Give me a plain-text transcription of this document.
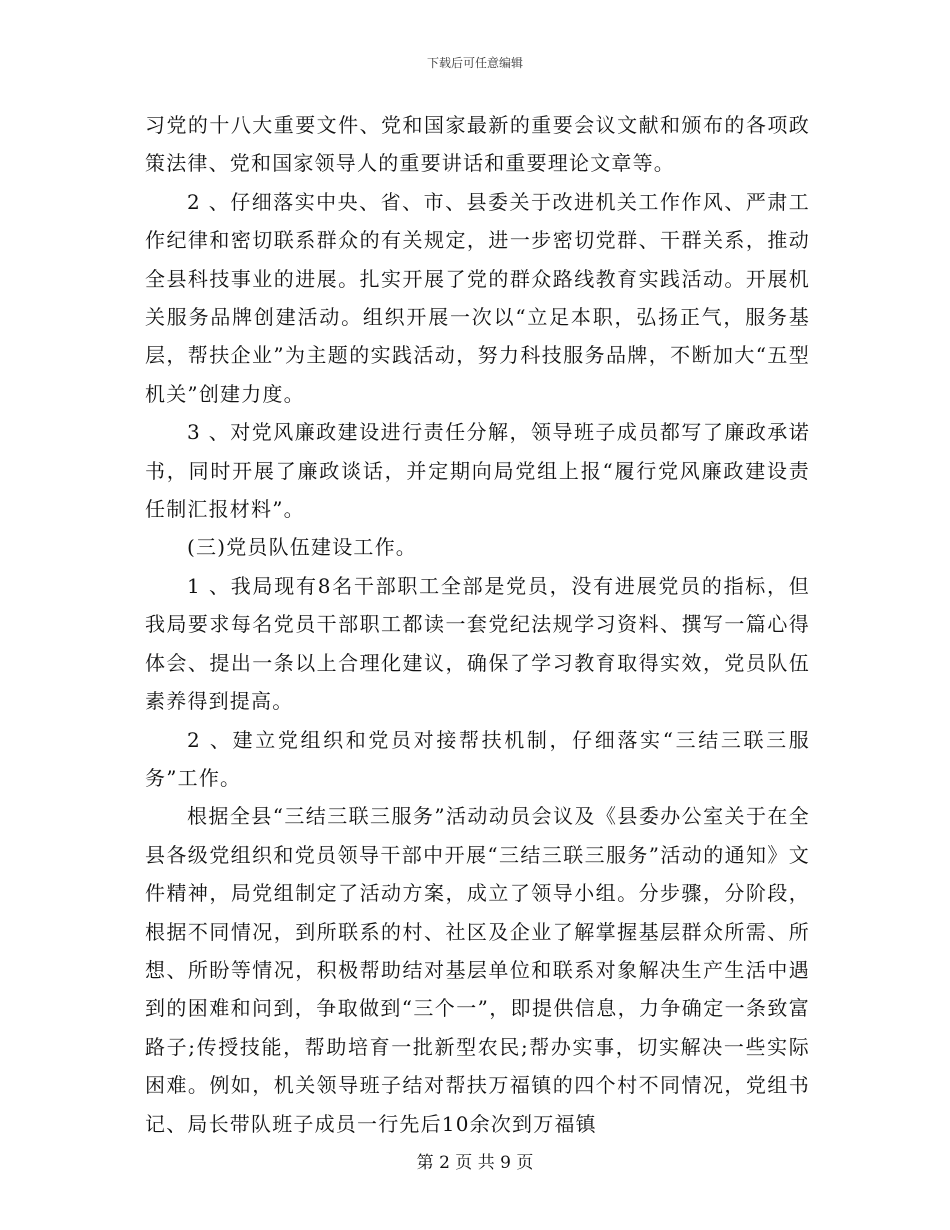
下载后可任意编辑

习党的十八大重要文件、党和国家最新的重要会议文献和颁布的各项政策法律、党和国家领导人的重要讲话和重要理论文章等。

2 、仔细落实中央、省、市、县委关于改进机关工作作风、严肃工作纪律和密切联系群众的有关规定，进一步密切党群、干群关系，推动全县科技事业的进展。扎实开展了党的群众路线教育实践活动。开展机关服务品牌创建活动。组织开展一次以“立足本职，弘扬正气，服务基层，帮扶企业”为主题的实践活动，努力科技服务品牌，不断加大“五型机关”创建力度。

3 、对党风廉政建设进行责任分解，领导班子成员都写了廉政承诺书，同时开展了廉政谈话，并定期向局党组上报“履行党风廉政建设责任制汇报材料”。

(三)党员队伍建设工作。

1 、我局现有8名干部职工全部是党员，没有进展党员的指标，但我局要求每名党员干部职工都读一套党纪法规学习资料、撰写一篇心得体会、提出一条以上合理化建议，确保了学习教育取得实效，党员队伍素养得到提高。

2 、建立党组织和党员对接帮扶机制，仔细落实“三结三联三服务”工作。

根据全县“三结三联三服务”活动动员会议及《县委办公室关于在全县各级党组织和党员领导干部中开展“三结三联三服务”活动的通知》文件精神，局党组制定了活动方案，成立了领导小组。分步骤，分阶段，根据不同情况，到所联系的村、社区及企业了解掌握基层群众所需、所想、所盼等情况，积极帮助结对基层单位和联系对象解决生产生活中遇到的困难和问到，争取做到“三个一”，即提供信息，力争确定一条致富路子;传授技能，帮助培育一批新型农民;帮办实事，切实解决一些实际困难。例如，机关领导班子结对帮扶万福镇的四个村不同情况，党组书记、局长带队班子成员一行先后10余次到万福镇

第 2 页 共 9 页
